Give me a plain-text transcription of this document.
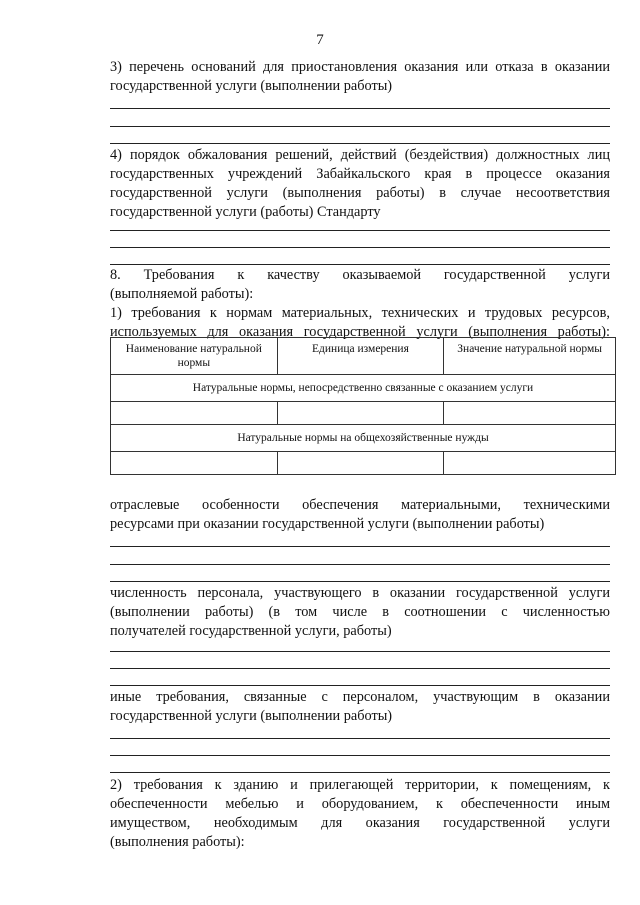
7
3) перечень оснований для приостановления оказания или отказа в оказании
государственной услуги (выполнении работы)
4) порядок обжалования решений, действий (бездействия) должностных лиц
государственных учреждений Забайкальского края в процессе оказания
государственной услуги (выполнения работы) в случае несоответствия
государственной услуги (работы) Стандарту
8. Требования к качеству оказываемой государственной услуги
(выполняемой работы):
1) требования к нормам материальных, технических и трудовых ресурсов,
используемых для оказания государственной услуги (выполнения работы):
Наименование натуральной нормы	Единица измерения	Значение натуральной нормы
Натуральные нормы, непосредственно связанные с оказанием услуги		

Натуральные нормы на общехозяйственные нужды		

отраслевые особенности обеспечения материальными, техническими
ресурсами при оказании государственной услуги (выполнении работы)
численность персонала, участвующего в оказании государственной услуги
(выполнении работы) (в том числе в соотношении с численностью
получателей государственной услуги, работы)
иные требования, связанные с персоналом, участвующим в оказании
государственной услуги (выполнении работы)
2) требования к зданию и прилегающей территории, к помещениям, к
обеспеченности мебелью и оборудованием, к обеспеченности иным
имуществом, необходимым для оказания государственной услуги
(выполнения работы):
